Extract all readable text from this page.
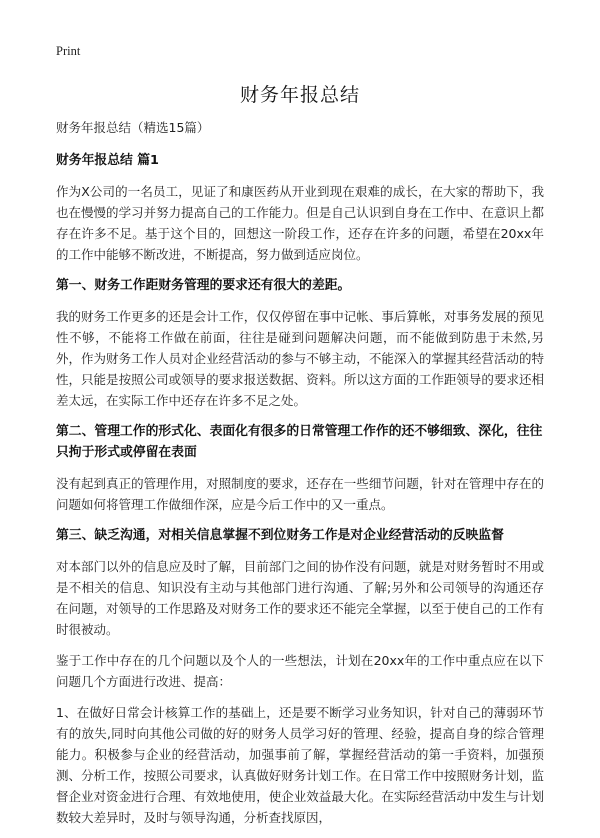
Print
财务年报总结

财务年报总结（精选15篇）

财务年报总结 篇1

作为X公司的一名员工，见证了和康医药从开业到现在艰难的成长，在大家的帮助下，我也在慢慢的学习并努力提高自己的工作能力。但是自己认识到自身在工作中、在意识上都存在许多不足。基于这个目的，回想这一阶段工作，还存在许多的问题，希望在20xx年的工作中能够不断改进，不断提高，努力做到适应岗位。

第一、财务工作距财务管理的要求还有很大的差距。

我的财务工作更多的还是会计工作，仅仅停留在事中记帐、事后算帐，对事务发展的预见性不够，不能将工作做在前面，往往是碰到问题解决问题，而不能做到防患于未然,另外，作为财务工作人员对企业经营活动的参与不够主动，不能深入的掌握其经营活动的特性，只能是按照公司或领导的要求报送数据、资料。所以这方面的工作距领导的要求还相差太远，在实际工作中还存在许多不足之处。

第二、管理工作的形式化、表面化有很多的日常管理工作作的还不够细致、深化，往往只拘于形式或停留在表面

没有起到真正的管理作用，对照制度的要求，还存在一些细节问题，针对在管理中存在的问题如何将管理工作做细作深，应是今后工作中的又一重点。

第三、缺乏沟通，对相关信息掌握不到位财务工作是对企业经营活动的反映监督

对本部门以外的信息应及时了解，目前部门之间的协作没有问题，就是对财务暂时不用或是不相关的信息、知识没有主动与其他部门进行沟通、了解;另外和公司领导的沟通还存在问题，对领导的工作思路及对财务工作的要求还不能完全掌握，以至于使自己的工作有时很被动。

鉴于工作中存在的几个问题以及个人的一些想法，计划在20xx年的工作中重点应在以下问题几个方面进行改进、提高：

1、在做好日常会计核算工作的基础上，还是要不断学习业务知识，针对自己的薄弱环节有的放失,同时向其他公司做的好的财务人员学习好的管理、经验，提高自身的综合管理能力。积极参与企业的经营活动，加强事前了解，掌握经营活动的第一手资料，加强预测、分析工作，按照公司要求，认真做好财务计划工作。在日常工作中按照财务计划，监督企业对资金进行合理、有效地使用，使企业效益最大化。在实际经营活动中发生与计划数较大差异时，及时与领导沟通，分析查找原因，
